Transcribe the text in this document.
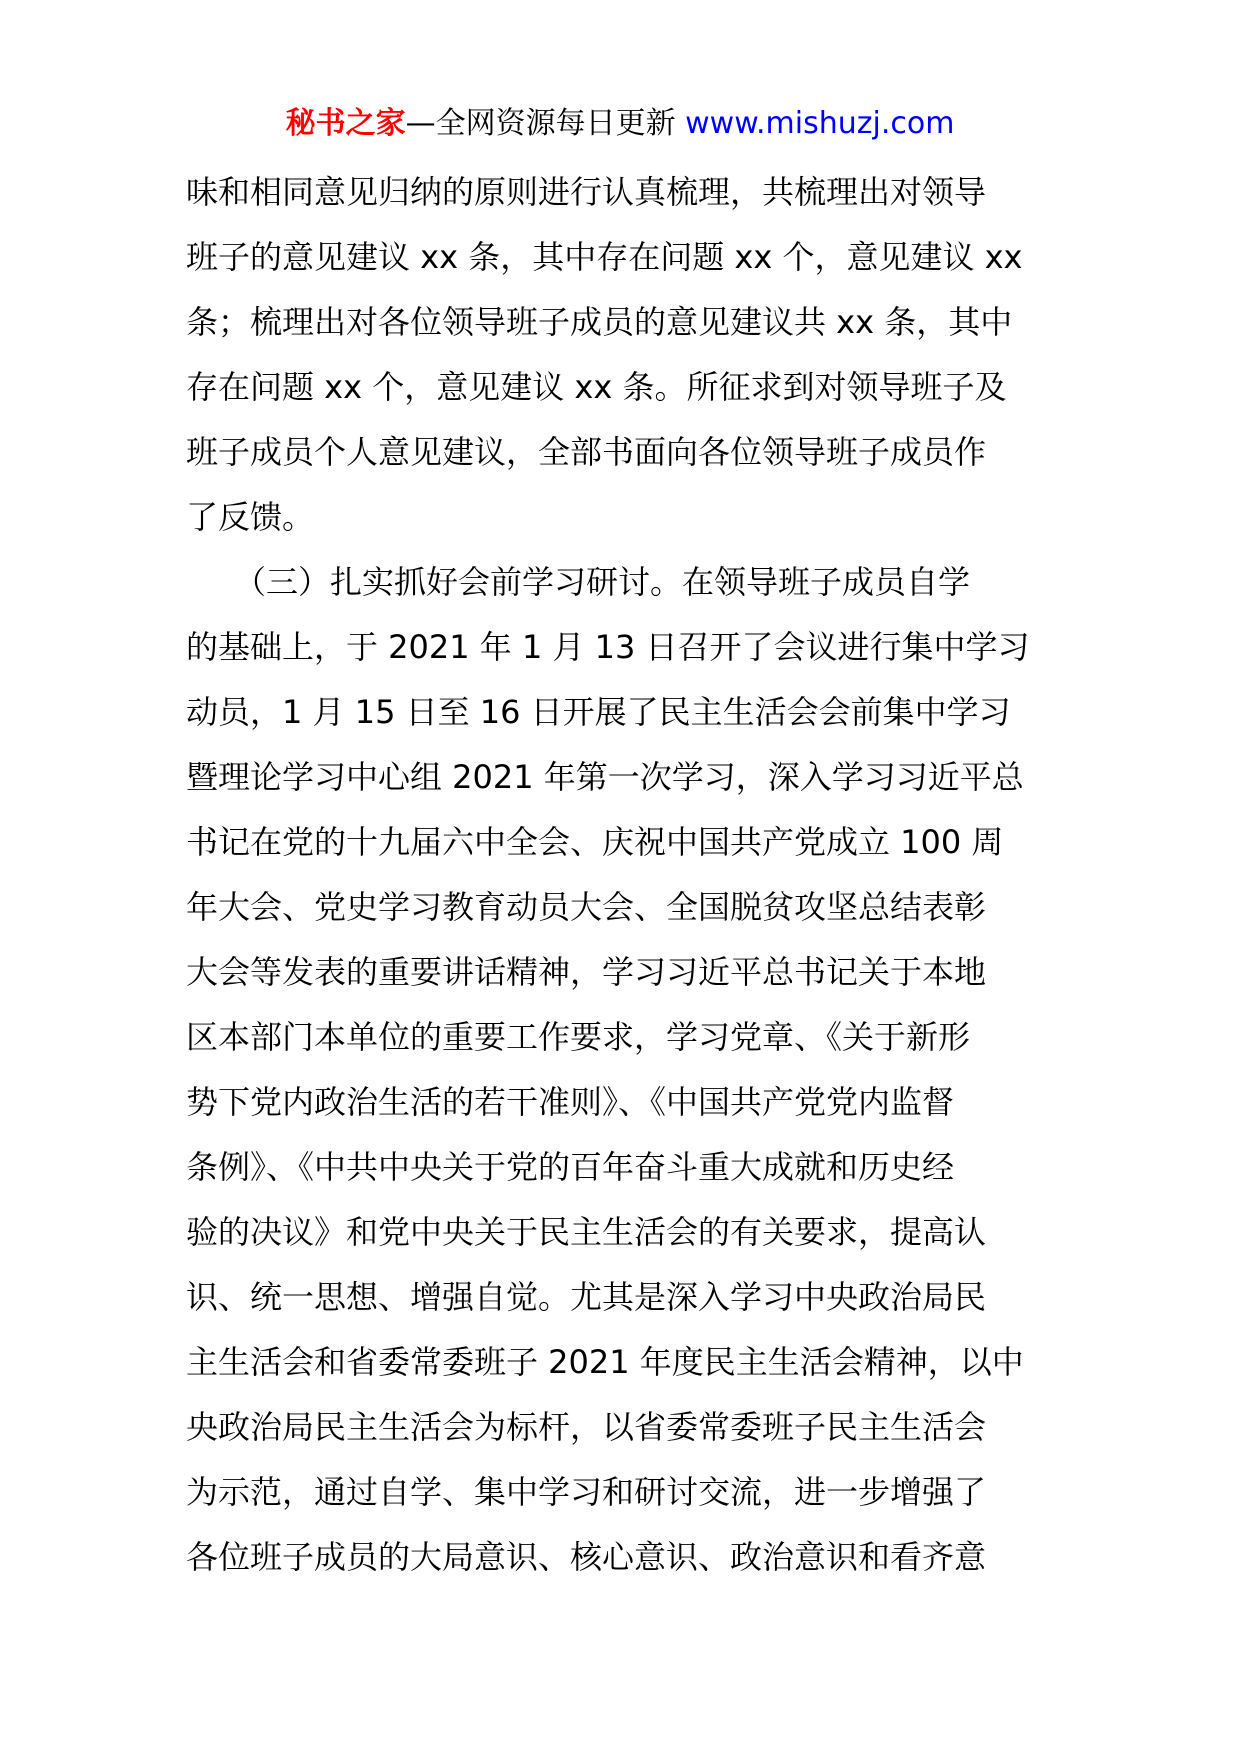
秘书之家—全网资源每日更新 www.mishuzj.com
味和相同意见归纳的原则进行认真梳理，共梳理出对领导
班子的意见建议 xx 条，其中存在问题 xx 个，意见建议 xx
条；梳理出对各位领导班子成员的意见建议共 xx 条，其中
存在问题 xx 个，意见建议 xx 条。所征求到对领导班子及
班子成员个人意见建议，全部书面向各位领导班子成员作
了反馈。
　　（三）扎实抓好会前学习研讨。在领导班子成员自学
的基础上，于 2021 年 1 月 13 日召开了会议进行集中学习
动员，1 月 15 日至 16 日开展了民主生活会会前集中学习
暨理论学习中心组 2021 年第一次学习，深入学习习近平总
书记在党的十九届六中全会、庆祝中国共产党成立 100 周
年大会、党史学习教育动员大会、全国脱贫攻坚总结表彰
大会等发表的重要讲话精神，学习习近平总书记关于本地
区本部门本单位的重要工作要求，学习党章、《关于新形
势下党内政治生活的若干准则》、《中国共产党党内监督
条例》、《中共中央关于党的百年奋斗重大成就和历史经
验的决议》和党中央关于民主生活会的有关要求，提高认
识、统一思想、增强自觉。尤其是深入学习中央政治局民
主生活会和省委常委班子 2021 年度民主生活会精神，以中
央政治局民主生活会为标杆，以省委常委班子民主生活会
为示范，通过自学、集中学习和研讨交流，进一步增强了
各位班子成员的大局意识、核心意识、政治意识和看齐意
